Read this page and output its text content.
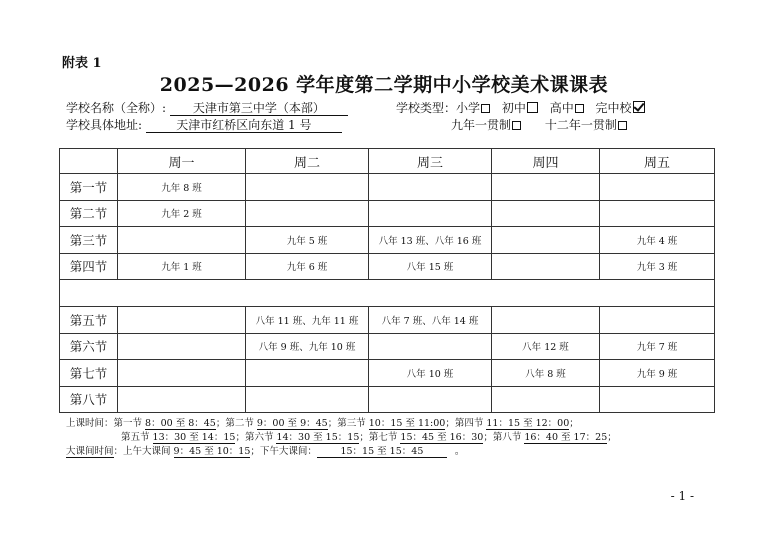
附表 1
2025—2026 学年度第二学期中小学校美术课课表
学校名称（全称）: 天津市第三中学（本部）	学校类型：小学 初中 高中 完中校
学校具体地址:	天津市红桥区向东道 1 号	九年一贯制	十二年一贯制
	周一	周二	周三	周四	周五
第一节	九年 8 班				
第二节	九年 2 班				
第三节		九年 5 班	八年 13 班、八年 16 班		九年 4 班
第四节	九年 1 班	九年 6 班	八年 15 班		九年 3 班

第五节		八年 11 班、九年 11 班	八年 7 班、八年 14 班		
第六节		八年 9 班、九年 10 班		八年 12 班	九年 7 班
第七节			八年 10 班	八年 8 班	九年 9 班
第八节					
上课时间：第一节 8：00 至 8：45；第二节 9：00 至 9：45；第三节 10：15 至 11:00；第四节 11：15 至 12：00；
第五节 13：30 至 14：15；第六节 14：30 至 15：15；第七节 15：45 至 16：30；第八节 16：40 至 17：25；
大课间时间：上午大课间 9：45 至 10：15；下午大课间： 15：15 至 15：45	。
- 1 -
